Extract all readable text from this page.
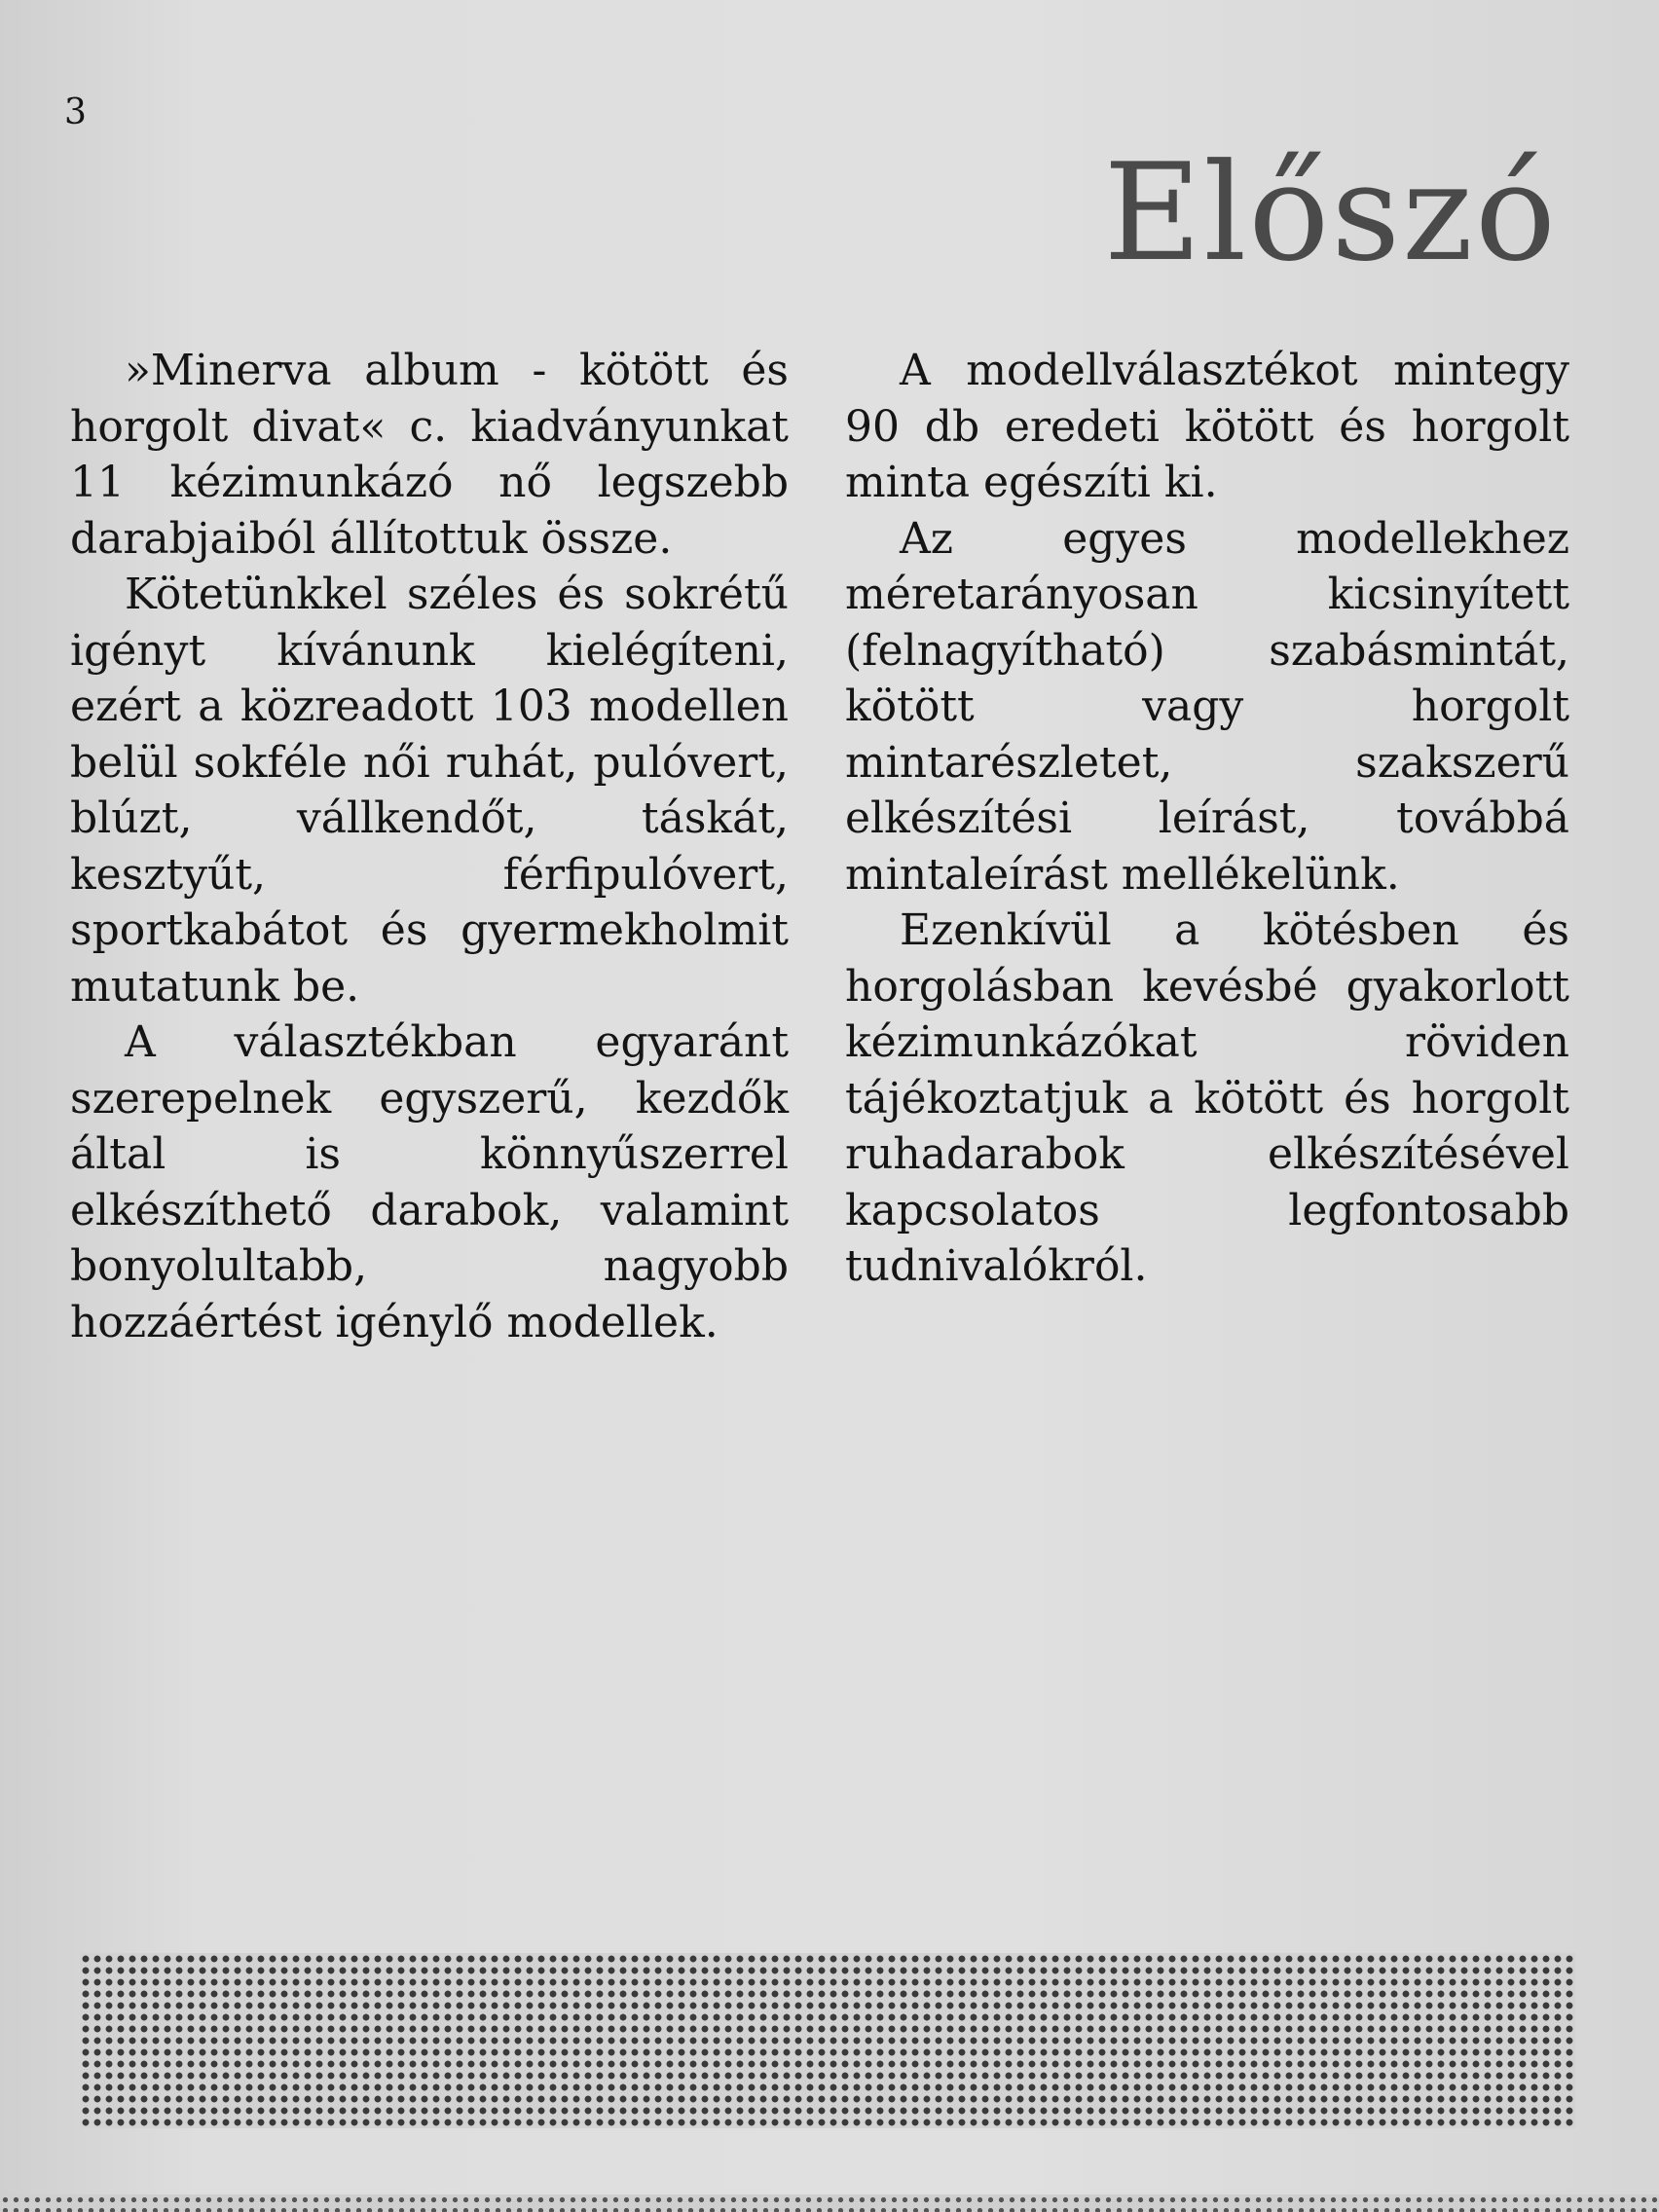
3
Előszó

»Minerva album - kötött és horgolt divat« c. kiadványunkat 11 kézimunkázó nő legszebb darabjaiból állítottuk össze.

Kötetünkkel széles és sokrétű igényt kívánunk kielégíteni, ezért a közreadott 103 modellen belül sokféle női ruhát, pulóvert, blúzt, vállkendőt, táskát, kesztyűt, férfipulóvert, sportkabátot és gyermekholmit mutatunk be.

A választékban egyaránt szerepelnek egyszerű, kezdők által is könnyűszerrel elkészíthető darabok, valamint bonyolultabb, nagyobb hozzáértést igénylő modellek.

A modellválasztékot mintegy 90 db eredeti kötött és horgolt minta egészíti ki.

Az egyes modellekhez méretarányosan kicsinyített (felnagyítható) szabásmintát, kötött vagy horgolt mintarészletet, szakszerű elkészítési leírást, továbbá mintaleírást mellékelünk.

Ezenkívül a kötésben és horgolásban kevésbé gyakorlott kézimunkázókat röviden tájékoztatjuk a kötött és horgolt ruhadarabok elkészítésével kapcsolatos legfontosabb tudnivalókról.
